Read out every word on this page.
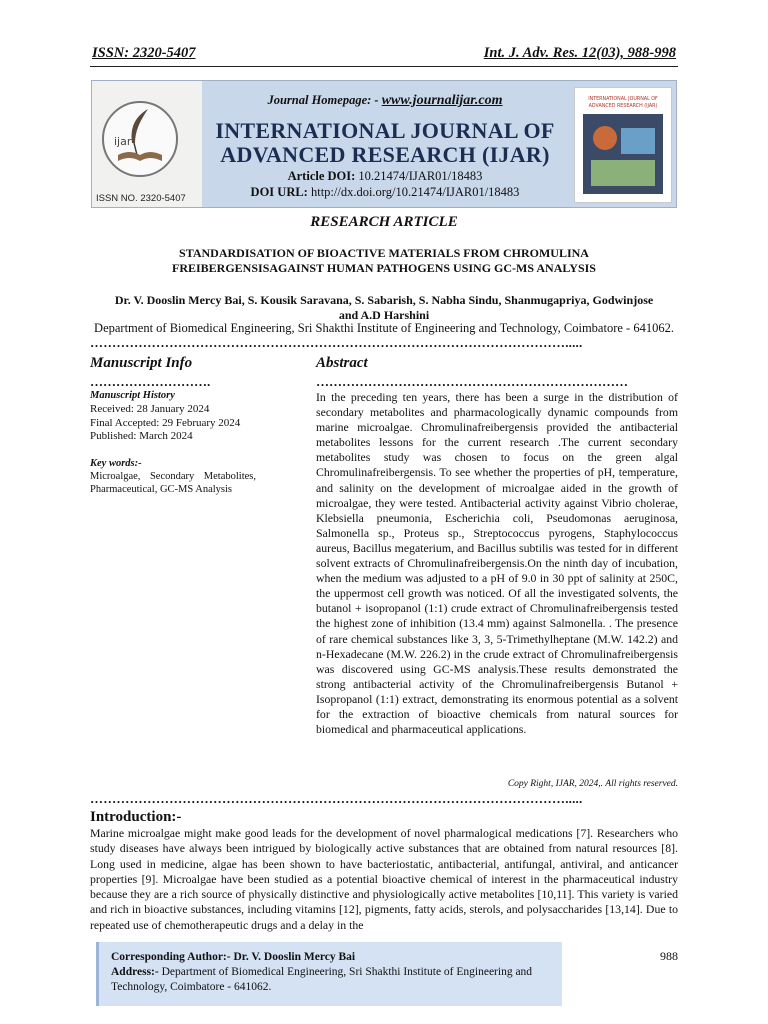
ISSN: 2320-5407	Int. J. Adv. Res. 12(03), 988-998
ijar
ISSN NO. 2320-5407
Journal Homepage: - www.journalijar.com
INTERNATIONAL JOURNAL OF
ADVANCED RESEARCH (IJAR)
Article DOI: 10.21474/IJAR01/18483
DOI URL: http://dx.doi.org/10.21474/IJAR01/18483
INTERNATIONAL JOURNAL OF
ADVANCED RESEARCH (IJAR)
RESEARCH ARTICLE
STANDARDISATION OF BIOACTIVE MATERIALS FROM CHROMULINA
FREIBERGENSISAGAINST HUMAN PATHOGENS USING GC-MS ANALYSIS
Dr. V. Dooslin Mercy Bai, S. Kousik Saravana, S. Sabarish, S. Nabha Sindu, Shanmugapriya, Godwinjose
and A.D Harshini
Department of Biomedical Engineering, Sri Shakthi Institute of Engineering and Technology, Coimbatore - 641062.
……………………………………………………………………………………………….....
Manuscript Info
……………………….
Manuscript History
Received: 28 January 2024
Final Accepted: 29 February 2024
Published: March 2024
Key words:-
Microalgae, Secondary Metabolites, Pharmaceutical, GC-MS Analysis
Abstract
………………………………………………………………
In the preceding ten years, there has been a surge in the distribution of secondary metabolites and pharmacologically dynamic compounds from marine microalgae. Chromulinafreibergensis provided the antibacterial metabolites lessons for the current research .The current secondary metabolites study was chosen to focus on the green algal Chromulinafreibergensis. To see whether the properties of pH, temperature, and salinity on the development of microalgae aided in the growth of microalgae, they were tested. Antibacterial activity against Vibrio cholerae, Klebsiella pneumonia, Escherichia coli, Pseudomonas aeruginosa, Salmonella sp., Proteus sp., Streptococcus pyrogens, Staphylococcus aureus, Bacillus megaterium, and Bacillus subtilis was tested for in different solvent extracts of Chromulinafreibergensis.On the ninth day of incubation, when the medium was adjusted to a pH of 9.0 in 30 ppt of salinity at 250C, the uppermost cell growth was noticed. Of all the investigated solvents, the butanol + isopropanol (1:1) crude extract of Chromulinafreibergensis tested the highest zone of inhibition (13.4 mm) against Salmonella. . The presence of rare chemical substances like 3, 3, 5-Trimethylheptane (M.W. 142.2) and n-Hexadecane (M.W. 226.2) in the crude extract of Chromulinafreibergensis was discovered using GC-MS analysis.These results demonstrated the strong antibacterial activity of the Chromulinafreibergensis Butanol + Isopropanol (1:1) extract, demonstrating its enormous potential as a solvent for the extraction of bioactive chemicals from natural sources for biomedical and pharmaceutical applications.
Copy Right, IJAR, 2024,. All rights reserved.
……………………………………………………………………………………………….....
Introduction:-
Marine microalgae might make good leads for the development of novel pharmalogical medications [7]. Researchers who study diseases have always been intrigued by biologically active substances that are obtained from natural resources [8]. Long used in medicine, algae has been shown to have bacteriostatic, antibacterial, antifungal, antiviral, and anticancer properties [9]. Microalgae have been studied as a potential bioactive chemical of interest in the pharmaceutical industry because they are a rich source of physically distinctive and physiologically active metabolites [10,11]. This variety is varied and rich in bioactive substances, including vitamins [12], pigments, fatty acids, sterols, and polysaccharides [13,14]. Due to repeated use of chemotherapeutic drugs and a delay in the
Corresponding Author:- Dr. V. Dooslin Mercy Bai
Address:- Department of Biomedical Engineering, Sri Shakthi Institute of Engineering and Technology, Coimbatore - 641062.
988
